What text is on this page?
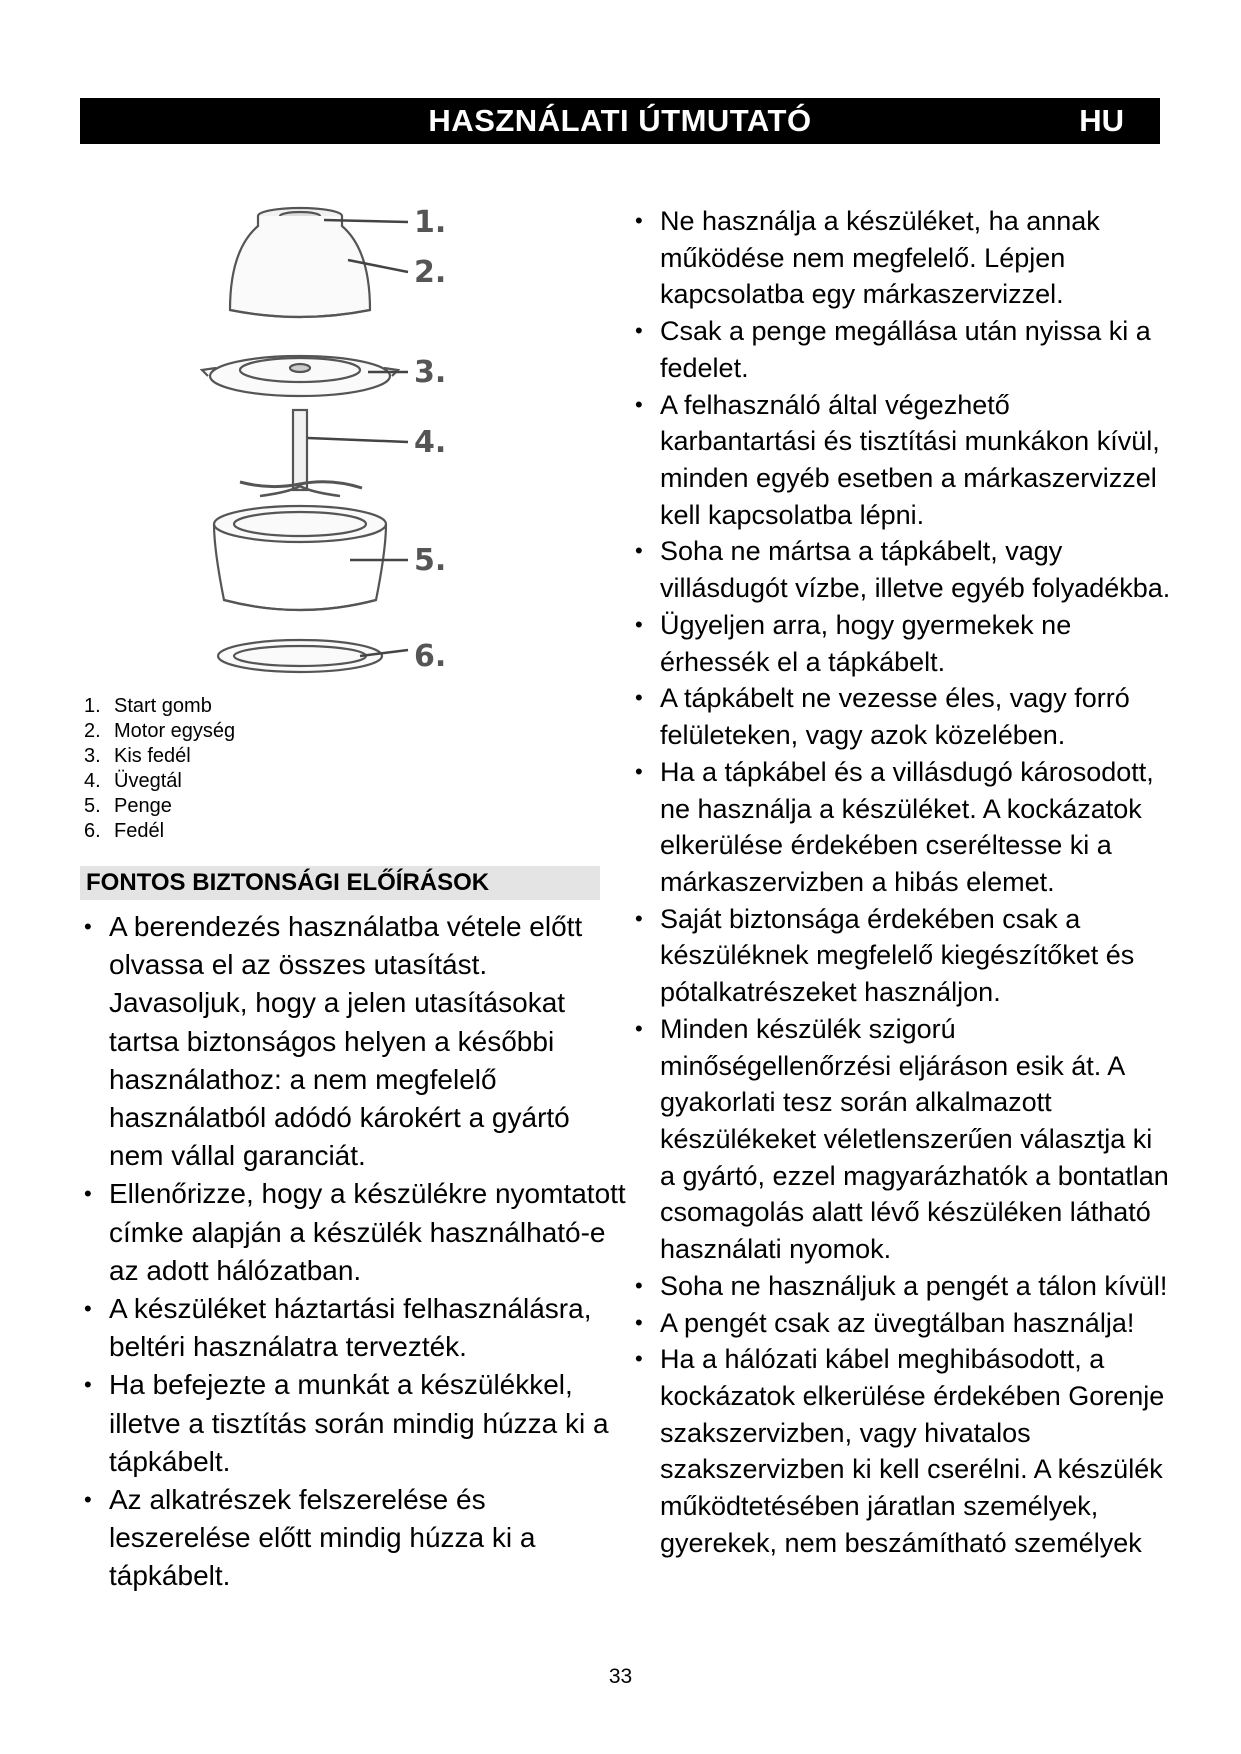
HASZNÁLATI ÚTMUTATÓ	HU
1.
2.
3.
4.
5.
6.
1. Start gomb
2. Motor egység
3. Kis fedél
4. Üvegtál
5. Penge
6. Fedél
FONTOS BIZTONSÁGI ELŐÍRÁSOK
• A berendezés használatba vétele előtt olvassa el az összes utasítást. Javasoljuk, hogy a jelen utasításokat tartsa biztonságos helyen a későbbi használathoz: a nem megfelelő használatból adódó károkért a gyártó nem vállal garanciát.
• Ellenőrizze, hogy a készülékre nyomtatott címke alapján a készülék használható-e az adott hálózatban.
• A készüléket háztartási felhasználásra, beltéri használatra tervezték.
• Ha befejezte a munkát a készülékkel, illetve a tisztítás során mindig húzza ki a tápkábelt.
• Az alkatrészek felszerelése és leszerelése előtt mindig húzza ki a tápkábelt.
• Ne használja a készüléket, ha annak működése nem megfelelő. Lépjen kapcsolatba egy márkaszervizzel.
• Csak a penge megállása után nyissa ki a fedelet.
• A felhasználó által végezhető karbantartási és tisztítási munkákon kívül, minden egyéb esetben a márkaszervizzel kell kapcsolatba lépni.
• Soha ne mártsa a tápkábelt, vagy villásdugót vízbe, illetve egyéb folyadékba.
• Ügyeljen arra, hogy gyermekek ne érhessék el a tápkábelt.
• A tápkábelt ne vezesse éles, vagy forró felületeken, vagy azok közelében.
• Ha a tápkábel és a villásdugó károsodott, ne használja a készüléket. A kockázatok elkerülése érdekében cseréltesse ki a márkaszervizben a hibás elemet.
• Saját biztonsága érdekében csak a készüléknek megfelelő kiegészítőket és pótalkatrészeket használjon.
• Minden készülék szigorú minőségellenőrzési eljáráson esik át. A gyakorlati tesz során alkalmazott készülékeket véletlenszerűen választja ki a gyártó, ezzel magyarázhatók a bontatlan csomagolás alatt lévő készüléken látható használati nyomok.
• Soha ne használjuk a pengét a tálon kívül!
• A pengét csak az üvegtálban használja!
• Ha a hálózati kábel meghibásodott, a kockázatok elkerülése érdekében Gorenje szakszervizben, vagy hivatalos szakszervizben ki kell cserélni. A készülék működtetésében járatlan személyek, gyerekek, nem beszámítható személyek
33
